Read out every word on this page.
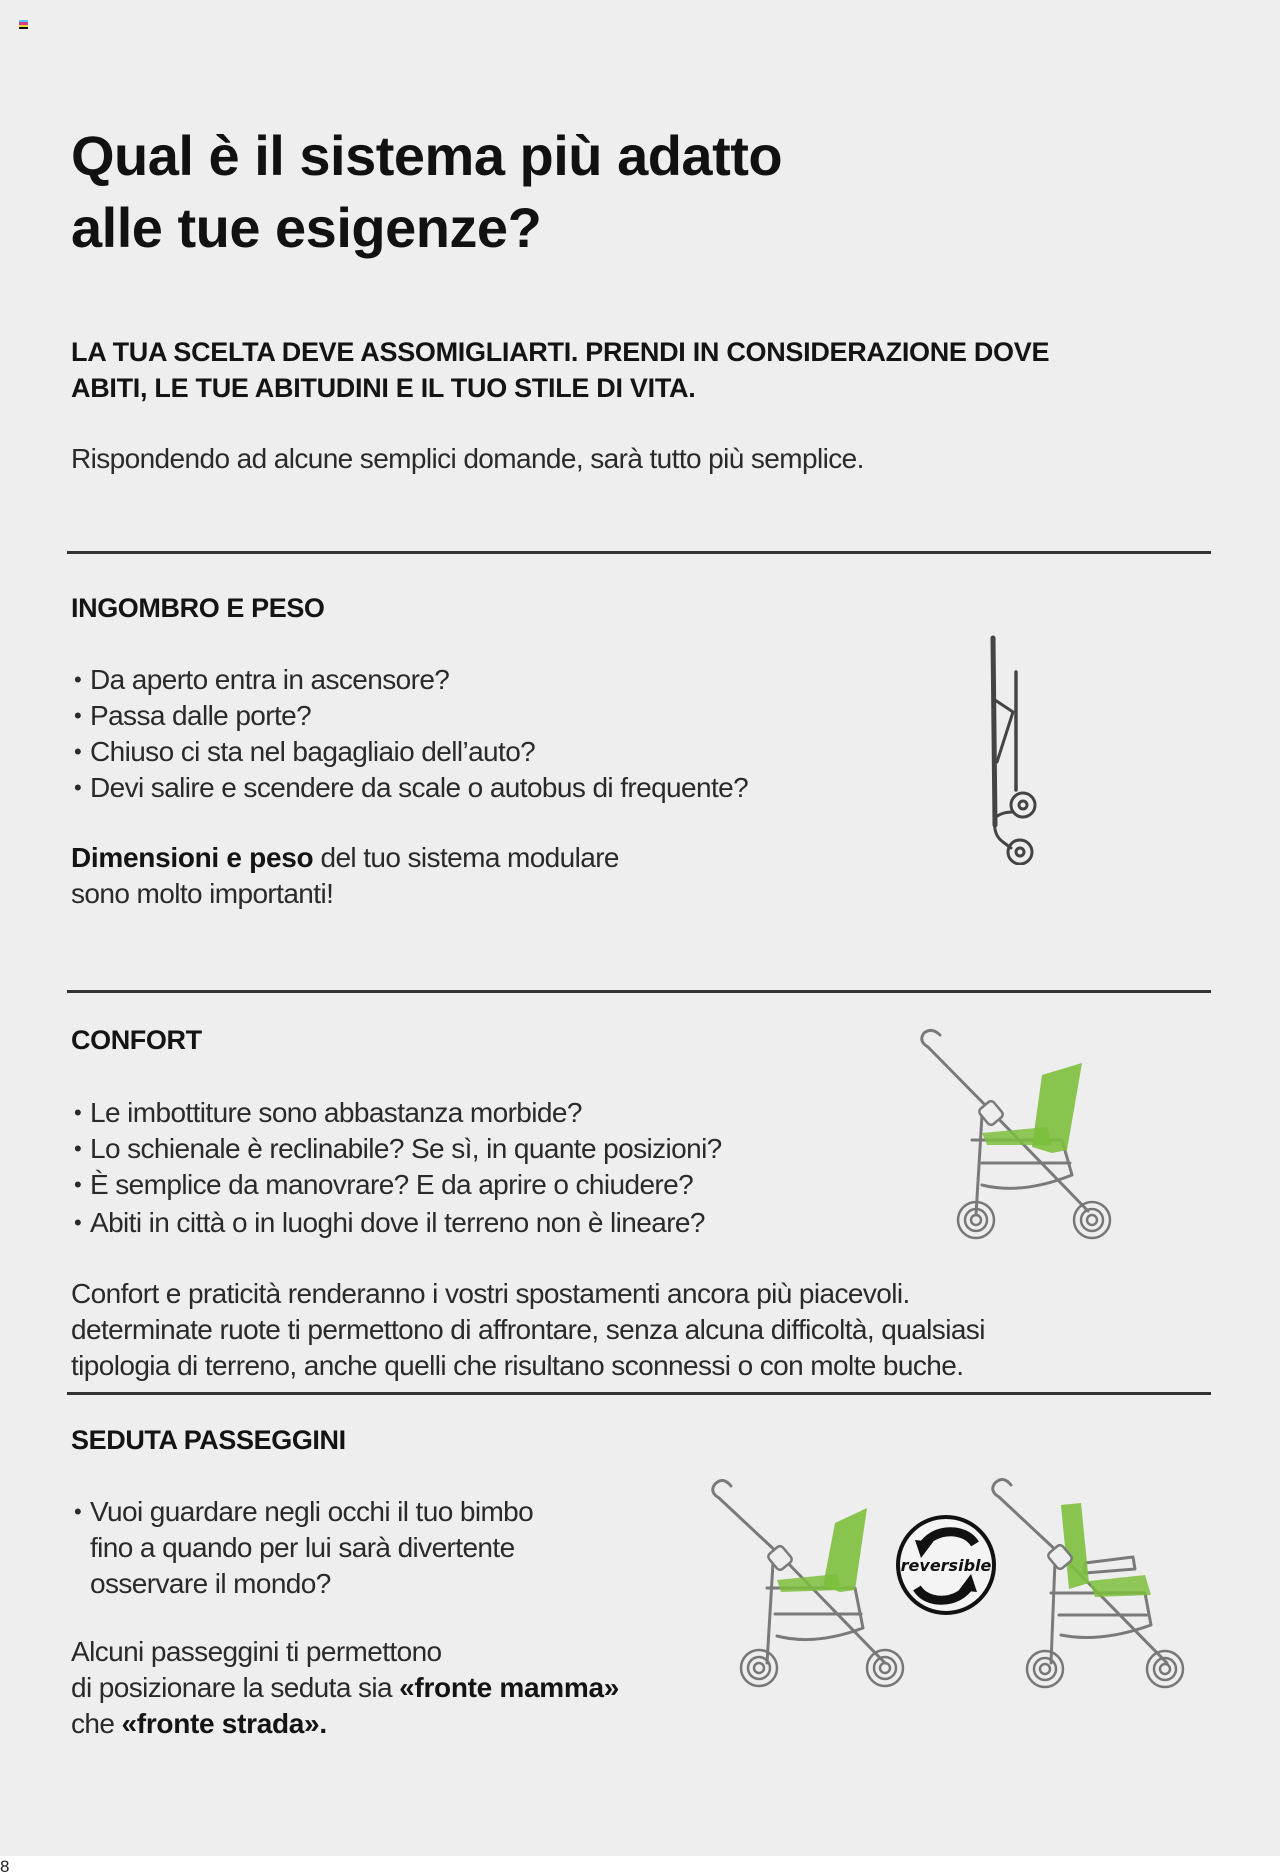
Qual è il sistema più adatto
alle tue esigenze?

LA TUA SCELTA DEVE ASSOMIGLIARTI. PRENDI IN CONSIDERAZIONE DOVE
ABITI, LE TUE ABITUDINI E IL TUO STILE DI VITA.

Rispondendo ad alcune semplici domande, sarà tutto più semplice.

INGOMBRO E PESO
• Da aperto entra in ascensore?
• Passa dalle porte?
• Chiuso ci sta nel bagagliaio dell’auto?
• Devi salire e scendere da scale o autobus di frequente?

Dimensioni e peso del tuo sistema modulare
sono molto importanti!

CONFORT
• Le imbottiture sono abbastanza morbide?
• Lo schienale è reclinabile? Se sì, in quante posizioni?
• È semplice da manovrare? E da aprire o chiudere?
• Abiti in città o in luoghi dove il terreno non è lineare?

Confort e praticità renderanno i vostri spostamenti ancora più piacevoli.
determinate ruote ti permettono di affrontare, senza alcuna difficoltà, qualsiasi
tipologia di terreno, anche quelli che risultano sconnessi o con molte buche.

SEDUTA PASSEGGINI
• Vuoi guardare negli occhi il tuo bimbo
fino a quando per lui sarà divertente
osservare il mondo?

Alcuni passeggini ti permettono
di posizionare la seduta sia «fronte mamma»
che «fronte strada».

reversible
8
